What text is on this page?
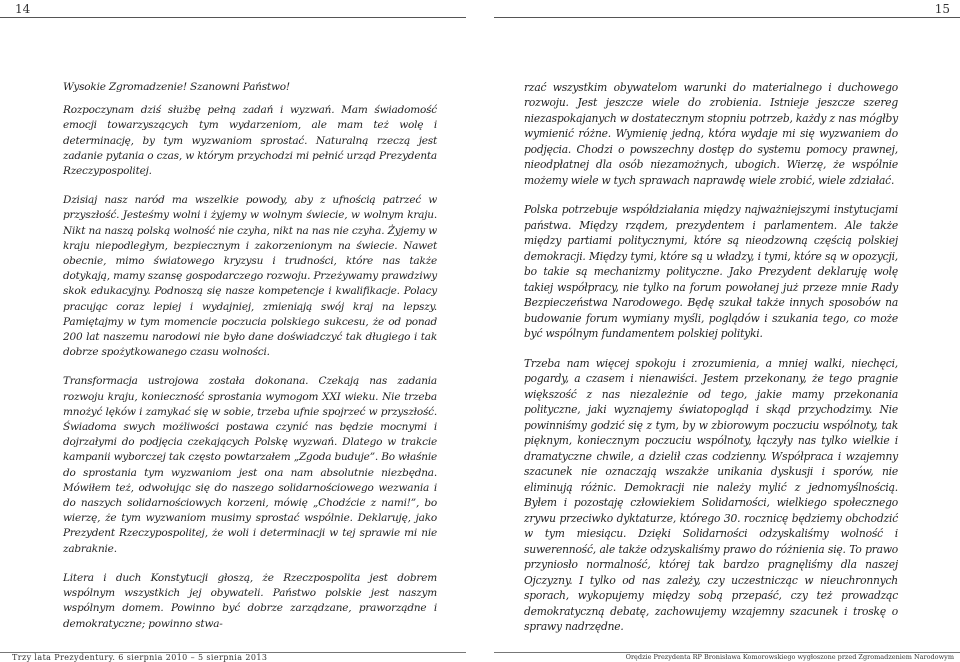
14	15

Wysokie Zgromadzenie! Szanowni Państwo!

Rozpoczynam dziś służbę pełną zadań i wyzwań. Mam świadomość emocji towarzyszących tym wydarzeniom, ale mam też wolę i determinację, by tym wyzwaniom sprostać. Naturalną rzeczą jest zadanie pytania o czas, w którym przychodzi mi pełnić urząd Prezydenta Rzeczypospolitej.

Dzisiaj nasz naród ma wszelkie powody, aby z ufnością patrzeć w przyszłość. Jesteśmy wolni i żyjemy w wolnym świecie, w wolnym kraju. Nikt na naszą polską wolność nie czyha, nikt na nas nie czyha. Żyjemy w kraju niepodległym, bezpiecznym i zakorzenionym na świecie. Nawet obecnie, mimo światowego kryzysu i trudności, które nas także dotykają, mamy szansę gospodarczego rozwoju. Przeżywamy prawdziwy skok edukacyjny. Podnoszą się nasze kompetencje i kwalifikacje. Polacy pracując coraz lepiej i wydajniej, zmieniają swój kraj na lepszy. Pamiętajmy w tym momencie poczucia polskiego sukcesu, że od ponad 200 lat naszemu narodowi nie było dane doświadczyć tak długiego i tak dobrze spożytkowanego czasu wolności.

Transformacja ustrojowa została dokonana. Czekają nas zadania rozwoju kraju, konieczność sprostania wymogom XXI wieku. Nie trzeba mnożyć lęków i zamykać się w sobie, trzeba ufnie spojrzeć w przyszłość. Świadoma swych możliwości postawa czynić nas będzie mocnymi i dojrzałymi do podjęcia czekających Polskę wyzwań. Dlatego w trakcie kampanii wyborczej tak często powtarzałem „Zgoda buduje”. Bo właśnie do sprostania tym wyzwaniom jest ona nam absolutnie niezbędna. Mówiłem też, odwołując się do naszego solidarnościowego wezwania i do naszych solidarnościowych korzeni, mówię „Chodźcie z nami!”, bo wierzę, że tym wyzwaniom musimy sprostać wspólnie. Deklaruję, jako Prezydent Rzeczypospolitej, że woli i determinacji w tej sprawie mi nie zabraknie.

Litera i duch Konstytucji głoszą, że Rzeczpospolita jest dobrem wspólnym wszystkich jej obywateli. Państwo polskie jest naszym wspólnym domem. Powinno być dobrze zarządzane, praworządne i demokratyczne; powinno stwa-

rzać wszystkim obywatelom warunki do materialnego i duchowego rozwoju. Jest jeszcze wiele do zrobienia. Istnieje jeszcze szereg niezaspokajanych w dostatecznym stopniu potrzeb, każdy z nas mógłby wymienić różne. Wymienię jedną, która wydaje mi się wyzwaniem do podjęcia. Chodzi o powszechny dostęp do systemu pomocy prawnej, nieodpłatnej dla osób niezamożnych, ubogich. Wierzę, że wspólnie możemy wiele w tych sprawach naprawdę wiele zrobić, wiele zdziałać.

Polska potrzebuje współdziałania między najważniejszymi instytucjami państwa. Między rządem, prezydentem i parlamentem. Ale także między partiami politycznymi, które są nieodzowną częścią polskiej demokracji. Między tymi, które są u władzy, i tymi, które są w opozycji, bo takie są mechanizmy polityczne. Jako Prezydent deklaruję wolę takiej współpracy, nie tylko na forum powołanej już przeze mnie Rady Bezpieczeństwa Narodowego. Będę szukał także innych sposobów na budowanie forum wymiany myśli, poglądów i szukania tego, co może być wspólnym fundamentem polskiej polityki.

Trzeba nam więcej spokoju i zrozumienia, a mniej walki, niechęci, pogardy, a czasem i nienawiści. Jestem przekonany, że tego pragnie większość z nas niezależnie od tego, jakie mamy przekonania polityczne, jaki wyznajemy światopogląd i skąd przychodzimy. Nie powinniśmy godzić się z tym, by w zbiorowym poczuciu wspólnoty, tak pięknym, koniecznym poczuciu wspólnoty, łączyły nas tylko wielkie i dramatyczne chwile, a dzielił czas codzienny. Współpraca i wzajemny szacunek nie oznaczają wszakże unikania dyskusji i sporów, nie eliminują różnic. Demokracji nie należy mylić z jednomyślnością. Byłem i pozostaję człowiekiem Solidarności, wielkiego społecznego zrywu przeciwko dyktaturze, którego 30. rocznicę będziemy obchodzić w tym miesiącu. Dzięki Solidarności odzyskaliśmy wolność i suwerenność, ale także odzyskaliśmy prawo do różnienia się. To prawo przyniosło normalność, której tak bardzo pragnęliśmy dla naszej Ojczyzny. I tylko od nas zależy, czy uczestnicząc w nieuchronnych sporach, wykopujemy między sobą przepaść, czy też prowadząc demokratyczną debatę, zachowujemy wzajemny szacunek i troskę o sprawy nadrzędne.

Trzy lata Prezydentury. 6 sierpnia 2010 – 5 sierpnia 2013	Orędzie Prezydenta RP Bronisława Komorowskiego wygłoszone przed Zgromadzeniem Narodowym
